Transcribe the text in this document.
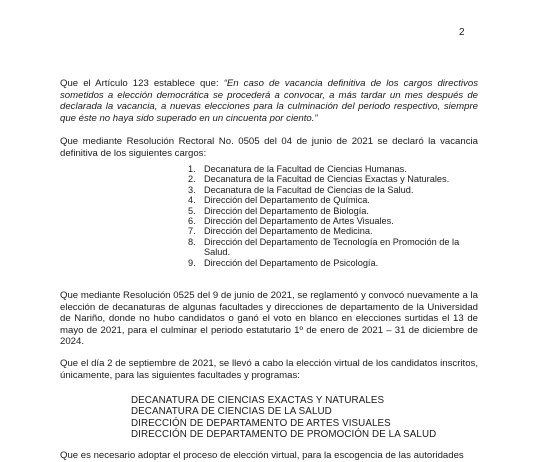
2

Que el Artículo 123 establece que: “En caso de vacancia definitiva de los cargos directivos sometidos a elección democrática se procederá a convocar, a más tardar un mes después de declarada la vacancia, a nuevas elecciones para la culminación del periodo respectivo, siempre que éste no haya sido superado en un cincuenta por ciento.”

Que mediante Resolución Rectoral No. 0505 del 04 de junio de 2021 se declaró la vacancia definitiva de los siguientes cargos:

1. Decanatura de la Facultad de Ciencias Humanas.
2. Decanatura de la Facultad de Ciencias Exactas y Naturales.
3. Decanatura de la Facultad de Ciencias de la Salud.
4. Dirección del Departamento de Química.
5. Dirección del Departamento de Biología.
6. Dirección del Departamento de Artes Visuales.
7. Dirección del Departamento de Medicina.
8. Dirección del Departamento de Tecnología en Promoción de la Salud.
9. Dirección del Departamento de Psicología.

Que mediante Resolución 0525 del 9 de junio de 2021, se reglamentó y convocó nuevamente a la elección de decanaturas de algunas facultades y direcciones de departamento de la Universidad de Nariño, donde no hubo candidatos o ganó el voto en blanco en elecciones surtidas el 13 de mayo de 2021, para el culminar el periodo estatutario 1º de enero de 2021 – 31 de diciembre de 2024.

Que el día 2 de septiembre de 2021, se llevó a cabo la elección virtual de los candidatos inscritos, únicamente, para las siguientes facultades y programas:

DECANATURA DE CIENCIAS EXACTAS Y NATURALES
DECANATURA DE CIENCIAS DE LA SALUD
DIRECCIÓN DE DEPARTAMENTO DE ARTES VISUALES
DIRECCIÓN DE DEPARTAMENTO DE PROMOCIÓN DE LA SALUD

Que es necesario adoptar el proceso de elección virtual, para la escogencia de las autoridades
